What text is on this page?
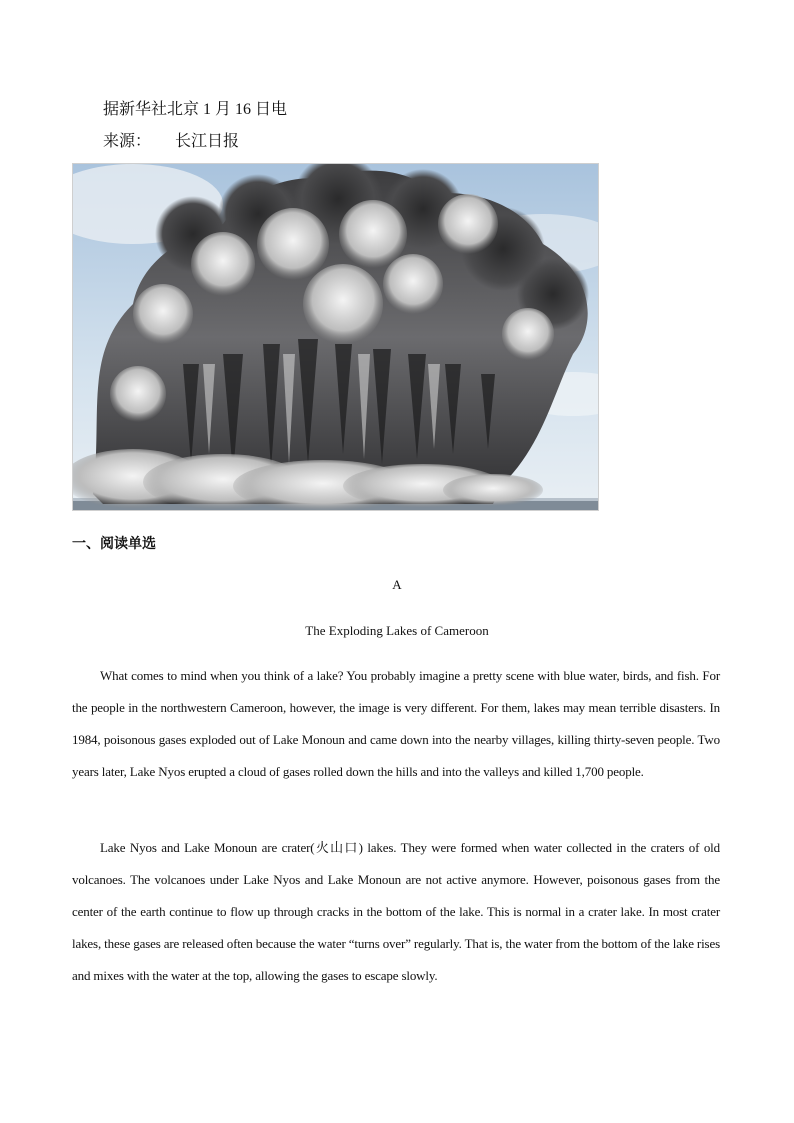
据新华社北京 1 月 16 日电
来源： 长江日报
一、阅读单选
A
The Exploding Lakes of Cameroon

What comes to mind when you think of a lake? You probably imagine a pretty scene with blue water, birds, and fish. For the people in the northwestern Cameroon, however, the image is very different. For them, lakes may mean terrible disasters. In 1984, poisonous gases exploded out of Lake Monoun and came down into the nearby villages, killing thirty-seven people. Two years later, Lake Nyos erupted a cloud of gases rolled down the hills and into the valleys and killed 1,700 people.

Lake Nyos and Lake Monoun are crater(火山口) lakes. They were formed when water collected in the craters of old volcanoes. The volcanoes under Lake Nyos and Lake Monoun are not active anymore. However, poisonous gases from the center of the earth continue to flow up through cracks in the bottom of the lake. This is normal in a crater lake. In most crater lakes, these gases are released often because the water “turns over” regularly. That is, the water from the bottom of the lake rises and mixes with the water at the top, allowing the gases to escape slowly.
